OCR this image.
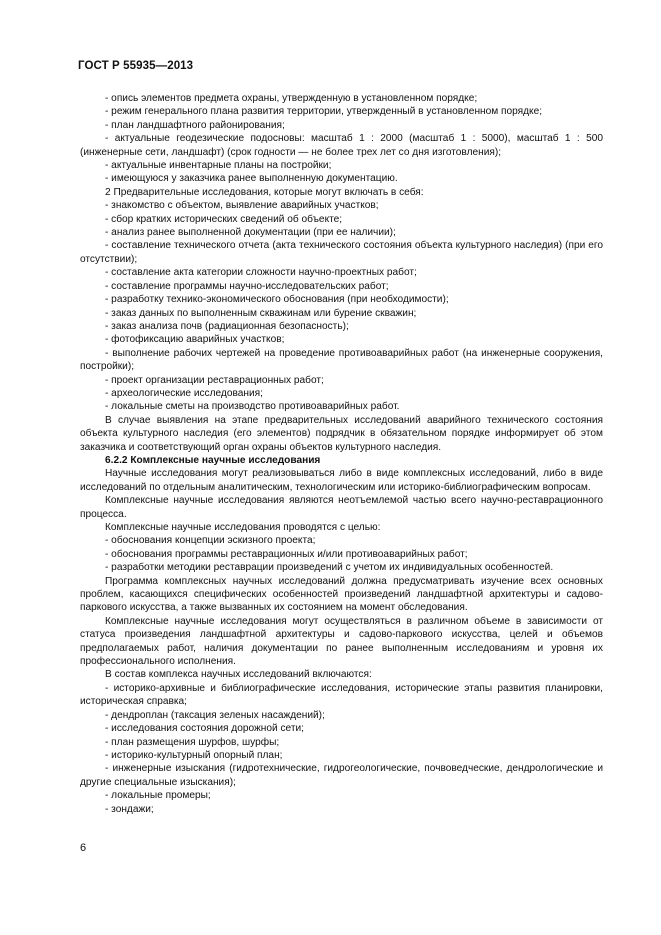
ГОСТ Р 55935—2013

- опись элементов предмета охраны, утвержденную в установленном порядке;

- режим генерального плана развития территории, утвержденный в установленном порядке;

- план ландшафтного районирования;

- актуальные геодезические подосновы: масштаб 1 : 2000 (масштаб 1 : 5000), масштаб 1 : 500 (инженерные сети, ландшафт) (срок годности — не более трех лет со дня изготовления);

- актуальные инвентарные планы на постройки;

- имеющуюся у заказчика ранее выполненную документацию.

2 Предварительные исследования, которые могут включать в себя:

- знакомство с объектом, выявление аварийных участков;

- сбор кратких исторических сведений об объекте;

- анализ ранее выполненной документации (при ее наличии);

- составление технического отчета (акта технического состояния объекта культурного наследия) (при его отсутствии);

- составление акта категории сложности научно-проектных работ;

- составление программы научно-исследовательских работ;

- разработку технико-экономического обоснования (при необходимости);

- заказ данных по выполненным скважинам или бурение скважин;

- заказ анализа почв (радиационная безопасность);

- фотофиксацию аварийных участков;

- выполнение рабочих чертежей на проведение противоаварийных работ (на инженерные сооружения, постройки);

- проект организации реставрационных работ;

- археологические исследования;

- локальные сметы на производство противоаварийных работ.

В случае выявления на этапе предварительных исследований аварийного технического состояния объекта культурного наследия (его элементов) подрядчик в обязательном порядке информирует об этом заказчика и соответствующий орган охраны объектов культурного наследия.

6.2.2 Комплексные научные исследования

Научные исследования могут реализовываться либо в виде комплексных исследований, либо в виде исследований по отдельным аналитическим, технологическим или историко-библиографическим вопросам.

Комплексные научные исследования являются неотъемлемой частью всего научно-реставрационного процесса.

Комплексные научные исследования проводятся с целью:

- обоснования концепции эскизного проекта;

- обоснования программы реставрационных и/или противоаварийных работ;

- разработки методики реставрации произведений с учетом их индивидуальных особенностей.

Программа комплексных научных исследований должна предусматривать изучение всех основных проблем, касающихся специфических особенностей произведений ландшафтной архитектуры и садово-паркового искусства, а также вызванных их состоянием на момент обследования.

Комплексные научные исследования могут осуществляться в различном объеме в зависимости от статуса произведения ландшафтной архитектуры и садово-паркового искусства, целей и объемов предполагаемых работ, наличия документации по ранее выполненным исследованиям и уровня их профессионального исполнения.

В состав комплекса научных исследований включаются:

- историко-архивные и библиографические исследования, исторические этапы развития планировки, историческая справка;

- дендроплан (таксация зеленых насаждений);

- исследования состояния дорожной сети;

- план размещения шурфов, шурфы;

- историко-культурный опорный план;

- инженерные изыскания (гидротехнические, гидрогеологические, почвоведческие, дендрологические и другие специальные изыскания);

- локальные промеры;

- зондажи;

6
